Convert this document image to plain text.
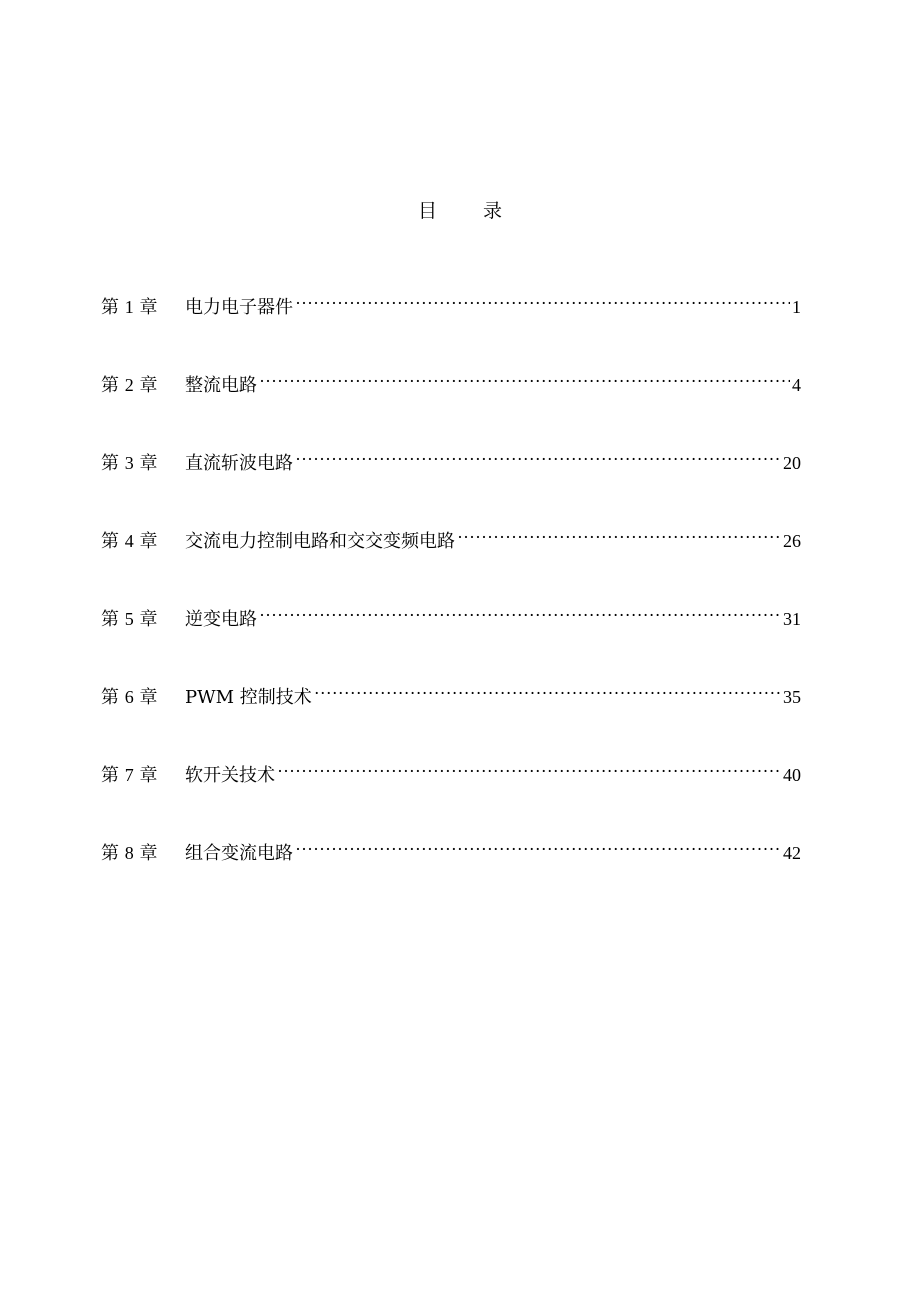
目 录
第 1 章	电力电子器件 ·····	1
第 2 章	整流电路 ·····	4
第 3 章	直流斩波电路 ·····	20
第 4 章	交流电力控制电路和交交变频电路 ·····	26
第 5 章	逆变电路 ·····	31
第 6 章	PWM 控制技术 ·····	35
第 7 章	软开关技术 ·····	40
第 8 章	组合变流电路 ·····	42
